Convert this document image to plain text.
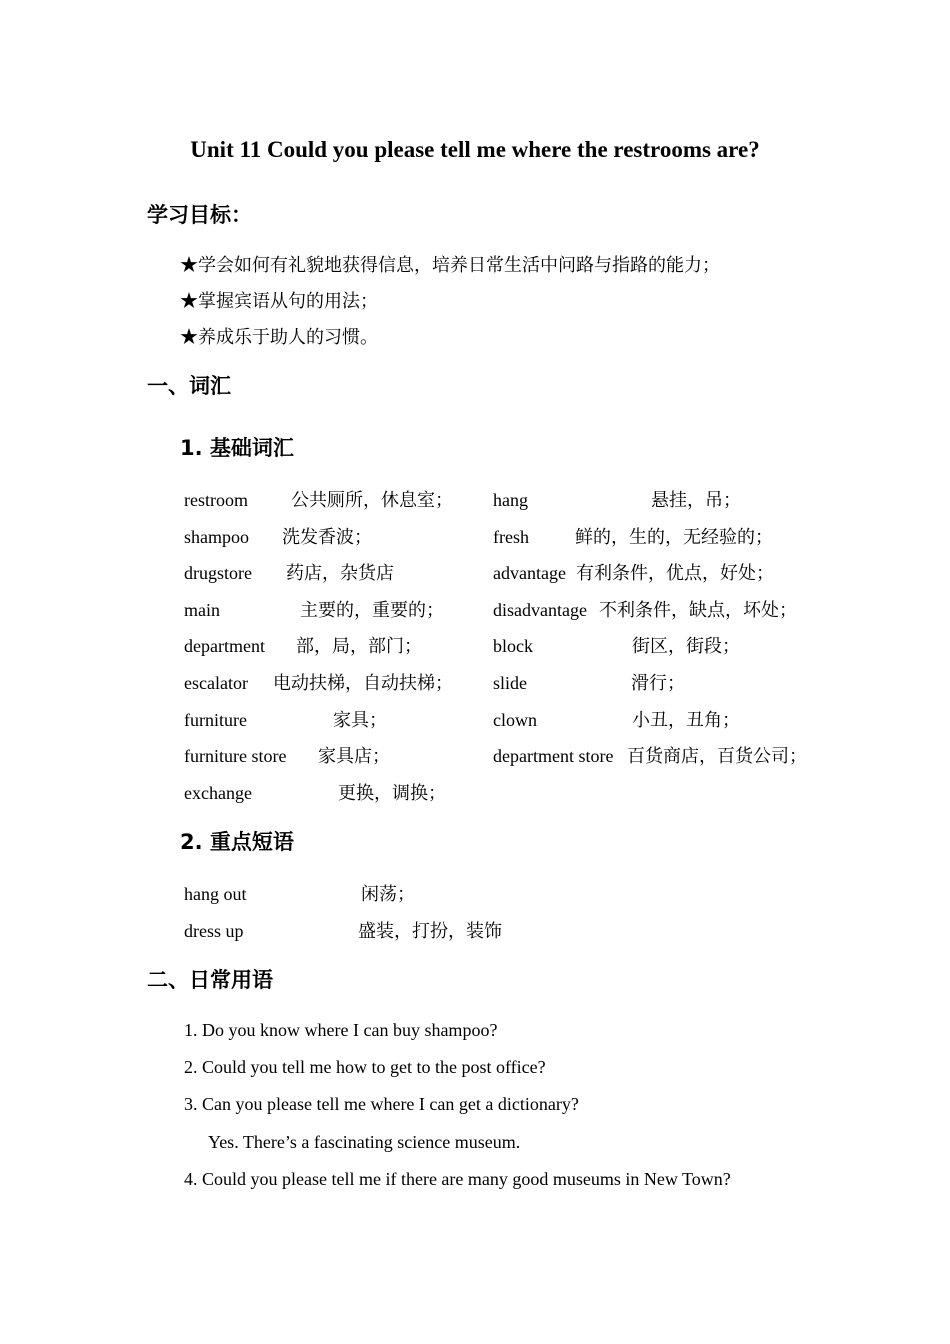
Unit 11 Could you please tell me where the restrooms are?
学习目标：
★学会如何有礼貌地获得信息，培养日常生活中问路与指路的能力；
★掌握宾语从句的用法；
★养成乐于助人的习惯。
一、词汇
1. 基础词汇
restroom 公共厕所，休息室； hang	悬挂，吊；
shampoo 洗发香波；	fresh	鲜的，生的，无经验的；
drugstore 药店，杂货店	advantage 有利条件，优点，好处；
main	主要的，重要的；	disadvantage 不利条件，缺点，坏处；
department 部，局，部门；	block	街区，街段；
escalator 电动扶梯，自动扶梯； slide	滑行；
furniture	家具；	clown	小丑，丑角；
furniture store 家具店；	department store 百货商店，百货公司；
exchange	更换，调换；
2. 重点短语
hang out	闲荡；
dress up	盛装，打扮，装饰
二、日常用语
1. Do you know where I can buy shampoo?
2. Could you tell me how to get to the post office?
3. Can you please tell me where I can get a dictionary?
Yes. There’s a fascinating science museum.
4. Could you please tell me if there are many good museums in New Town?
